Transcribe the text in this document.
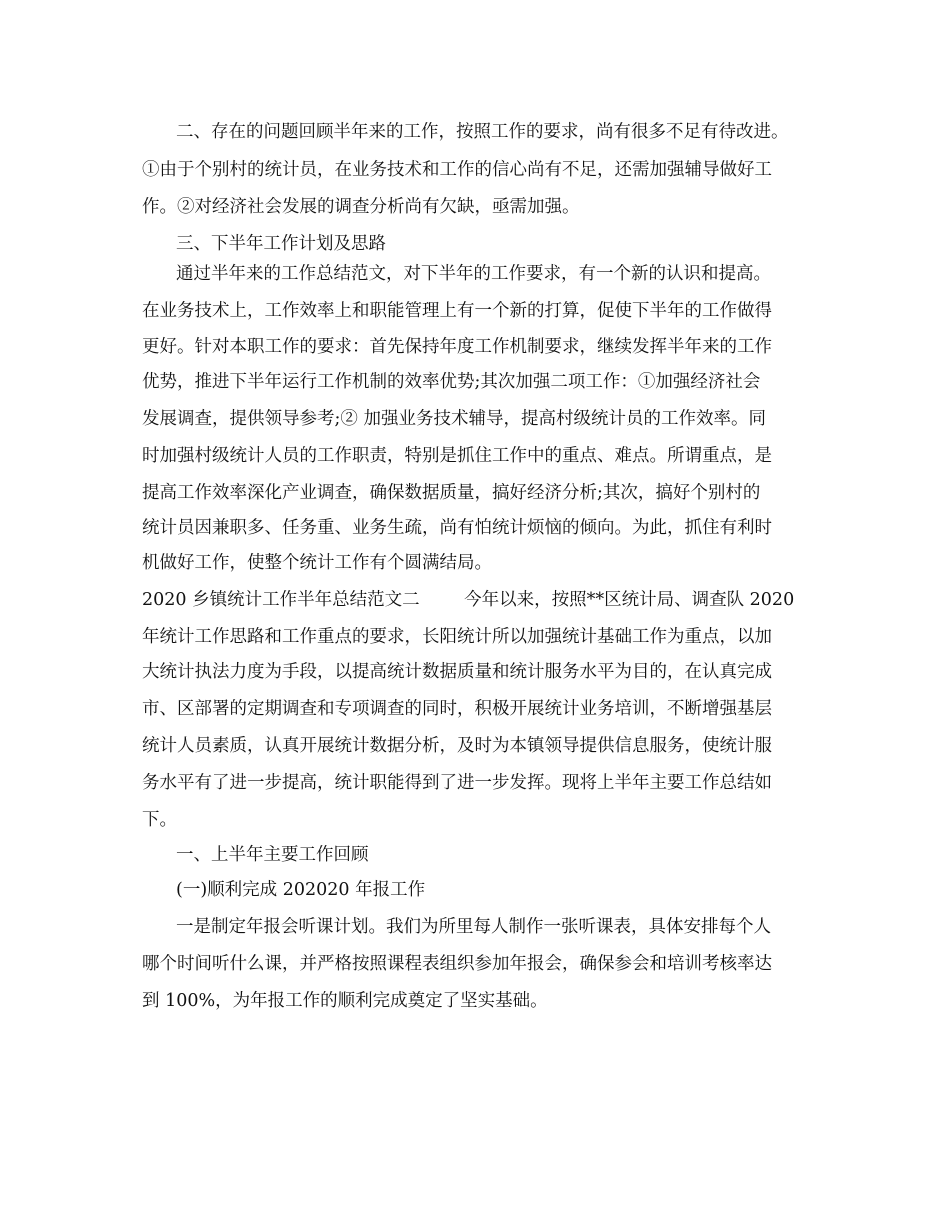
二、存在的问题回顾半年来的工作，按照工作的要求，尚有很多不足有待改进。
①由于个别村的统计员，在业务技术和工作的信心尚有不足，还需加强辅导做好工
作。②对经济社会发展的调查分析尚有欠缺，亟需加强。
三、下半年工作计划及思路
通过半年来的工作总结范文，对下半年的工作要求，有一个新的认识和提高。
在业务技术上，工作效率上和职能管理上有一个新的打算，促使下半年的工作做得
更好。针对本职工作的要求：首先保持年度工作机制要求，继续发挥半年来的工作
优势，推进下半年运行工作机制的效率优势;其次加强二项工作：①加强经济社会
发展调查，提供领导参考;② 加强业务技术辅导，提高村级统计员的工作效率。同
时加强村级统计人员的工作职责，特别是抓住工作中的重点、难点。所谓重点，是
提高工作效率深化产业调查，确保数据质量，搞好经济分析;其次，搞好个别村的
统计员因兼职多、任务重、业务生疏，尚有怕统计烦恼的倾向。为此，抓住有利时
机做好工作，使整个统计工作有个圆满结局。
2020 乡镇统计工作半年总结范文二        今年以来，按照**区统计局、调查队 2020
年统计工作思路和工作重点的要求，长阳统计所以加强统计基础工作为重点，以加
大统计执法力度为手段，以提高统计数据质量和统计服务水平为目的，在认真完成
市、区部署的定期调查和专项调查的同时，积极开展统计业务培训，不断增强基层
统计人员素质，认真开展统计数据分析，及时为本镇领导提供信息服务，使统计服
务水平有了进一步提高，统计职能得到了进一步发挥。现将上半年主要工作总结如
下。
一、上半年主要工作回顾
(一)顺利完成 202020 年报工作
一是制定年报会听课计划。我们为所里每人制作一张听课表，具体安排每个人
哪个时间听什么课，并严格按照课程表组织参加年报会，确保参会和培训考核率达
到 100%，为年报工作的顺利完成奠定了坚实基础。
